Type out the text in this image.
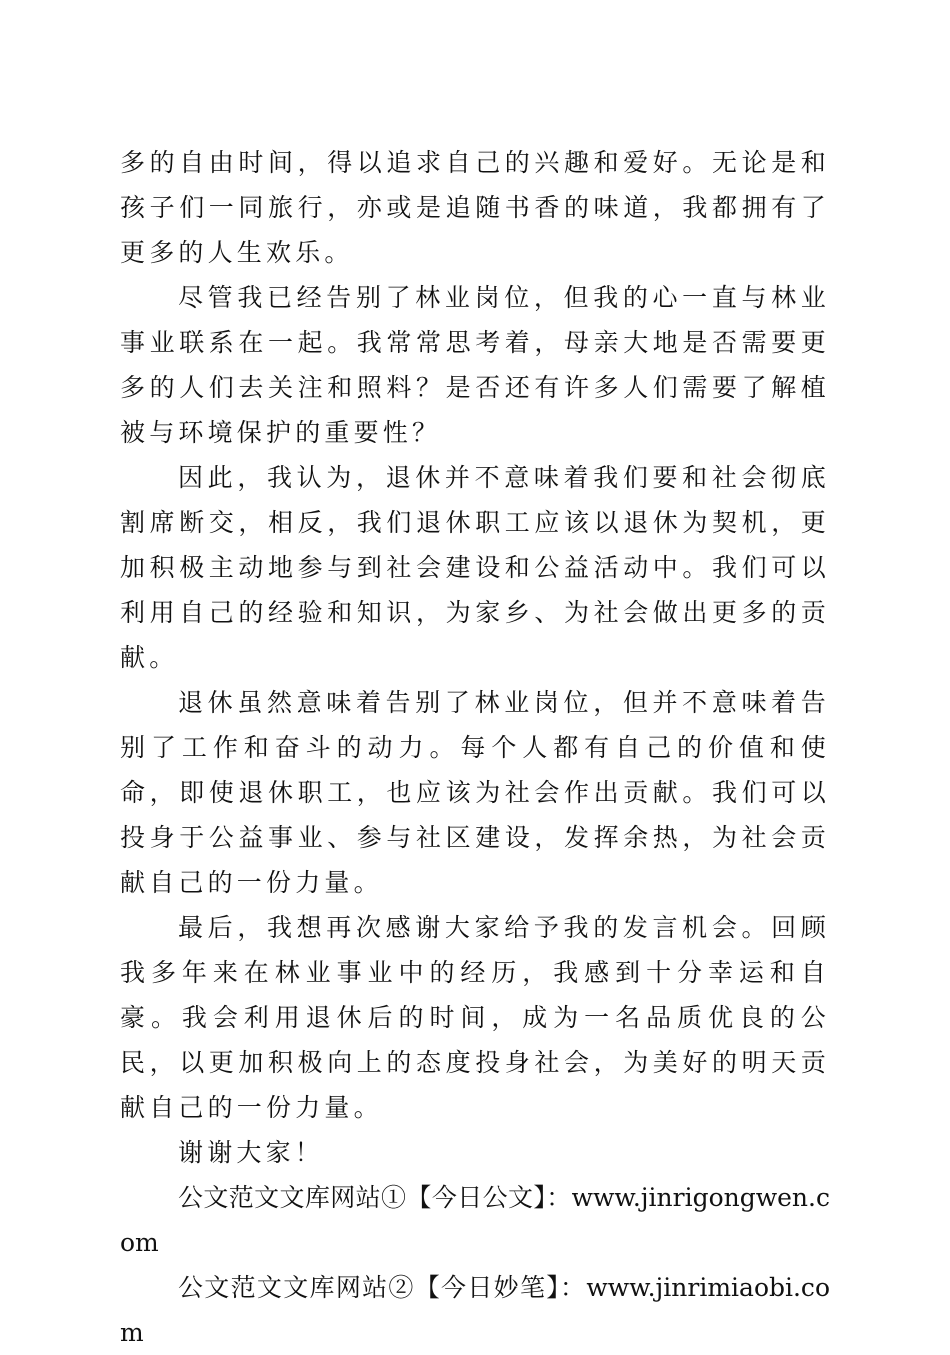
多的自由时间，得以追求自己的兴趣和爱好。无论是和孩子们一同旅行，亦或是追随书香的味道，我都拥有了更多的人生欢乐。

尽管我已经告别了林业岗位，但我的心一直与林业事业联系在一起。我常常思考着，母亲大地是否需要更多的人们去关注和照料？是否还有许多人们需要了解植被与环境保护的重要性？

因此，我认为，退休并不意味着我们要和社会彻底割席断交，相反，我们退休职工应该以退休为契机，更加积极主动地参与到社会建设和公益活动中。我们可以利用自己的经验和知识，为家乡、为社会做出更多的贡献。

退休虽然意味着告别了林业岗位，但并不意味着告别了工作和奋斗的动力。每个人都有自己的价值和使命，即使退休职工，也应该为社会作出贡献。我们可以投身于公益事业、参与社区建设，发挥余热，为社会贡献自己的一份力量。

最后，我想再次感谢大家给予我的发言机会。回顾我多年来在林业事业中的经历，我感到十分幸运和自豪。我会利用退休后的时间，成为一名品质优良的公民，以更加积极向上的态度投身社会，为美好的明天贡献自己的一份力量。

谢谢大家！

公文范文文库网站①【今日公文】：www.jinrigongwen.com

公文范文文库网站②【今日妙笔】：www.jinrimiaobi.com
